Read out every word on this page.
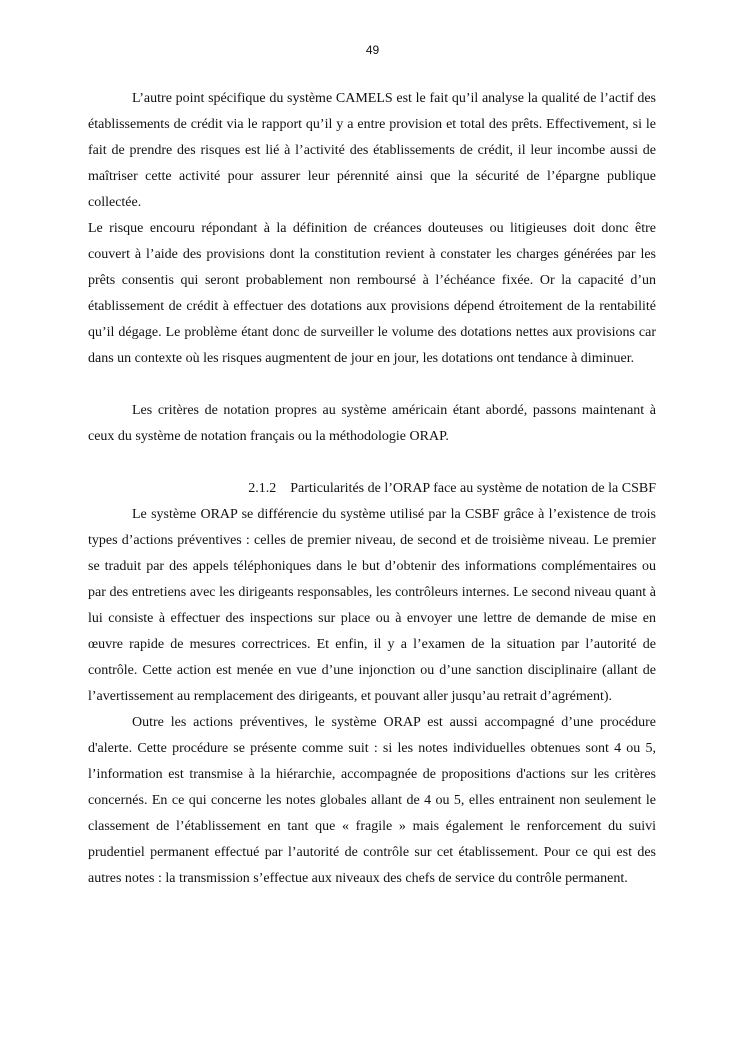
49

L’autre point spécifique du système CAMELS est le fait qu’il analyse la qualité de l’actif des établissements de crédit via le rapport qu’il y a entre provision et total des prêts. Effectivement, si le fait de prendre des risques est lié à l’activité des établissements de crédit, il leur incombe aussi de maîtriser cette activité pour assurer leur pérennité ainsi que la sécurité de l’épargne publique collectée.

Le risque encouru répondant à la définition de créances douteuses ou litigieuses doit donc être couvert à l’aide des provisions dont la constitution revient à constater les charges générées par les prêts consentis qui seront probablement non remboursé à l’échéance fixée. Or la capacité d’un établissement de crédit à effectuer des dotations aux provisions dépend étroitement de la rentabilité qu’il dégage. Le problème étant donc de surveiller le volume des dotations nettes aux provisions car dans un contexte où les risques augmentent de jour en jour, les dotations ont tendance à diminuer.

Les critères de notation propres au système américain étant abordé, passons maintenant à ceux du système de notation français ou la méthodologie ORAP.

2.1.2 Particularités de l’ORAP face au système de notation de la CSBF

Le système ORAP se différencie du système utilisé par la CSBF grâce à l’existence de trois types d’actions préventives : celles de premier niveau, de second et de troisième niveau. Le premier se traduit par des appels téléphoniques dans le but d’obtenir des informations complémentaires ou par des entretiens avec les dirigeants responsables, les contrôleurs internes. Le second niveau quant à lui consiste à effectuer des inspections sur place ou à envoyer une lettre de demande de mise en œuvre rapide de mesures correctrices. Et enfin, il y a l’examen de la situation par l’autorité de contrôle. Cette action est menée en vue d’une injonction ou d’une sanction disciplinaire (allant de l’avertissement au remplacement des dirigeants, et pouvant aller jusqu’au retrait d’agrément).

Outre les actions préventives, le système ORAP est aussi accompagné d’une procédure d'alerte. Cette procédure se présente comme suit : si les notes individuelles obtenues sont 4 ou 5, l’information est transmise à la hiérarchie, accompagnée de propositions d'actions sur les critères concernés. En ce qui concerne les notes globales allant de 4 ou 5, elles entrainent non seulement le classement de l’établissement en tant que « fragile » mais également le renforcement du suivi prudentiel permanent effectué par l’autorité de contrôle sur cet établissement. Pour ce qui est des autres notes : la transmission s’effectue aux niveaux des chefs de service du contrôle permanent.
